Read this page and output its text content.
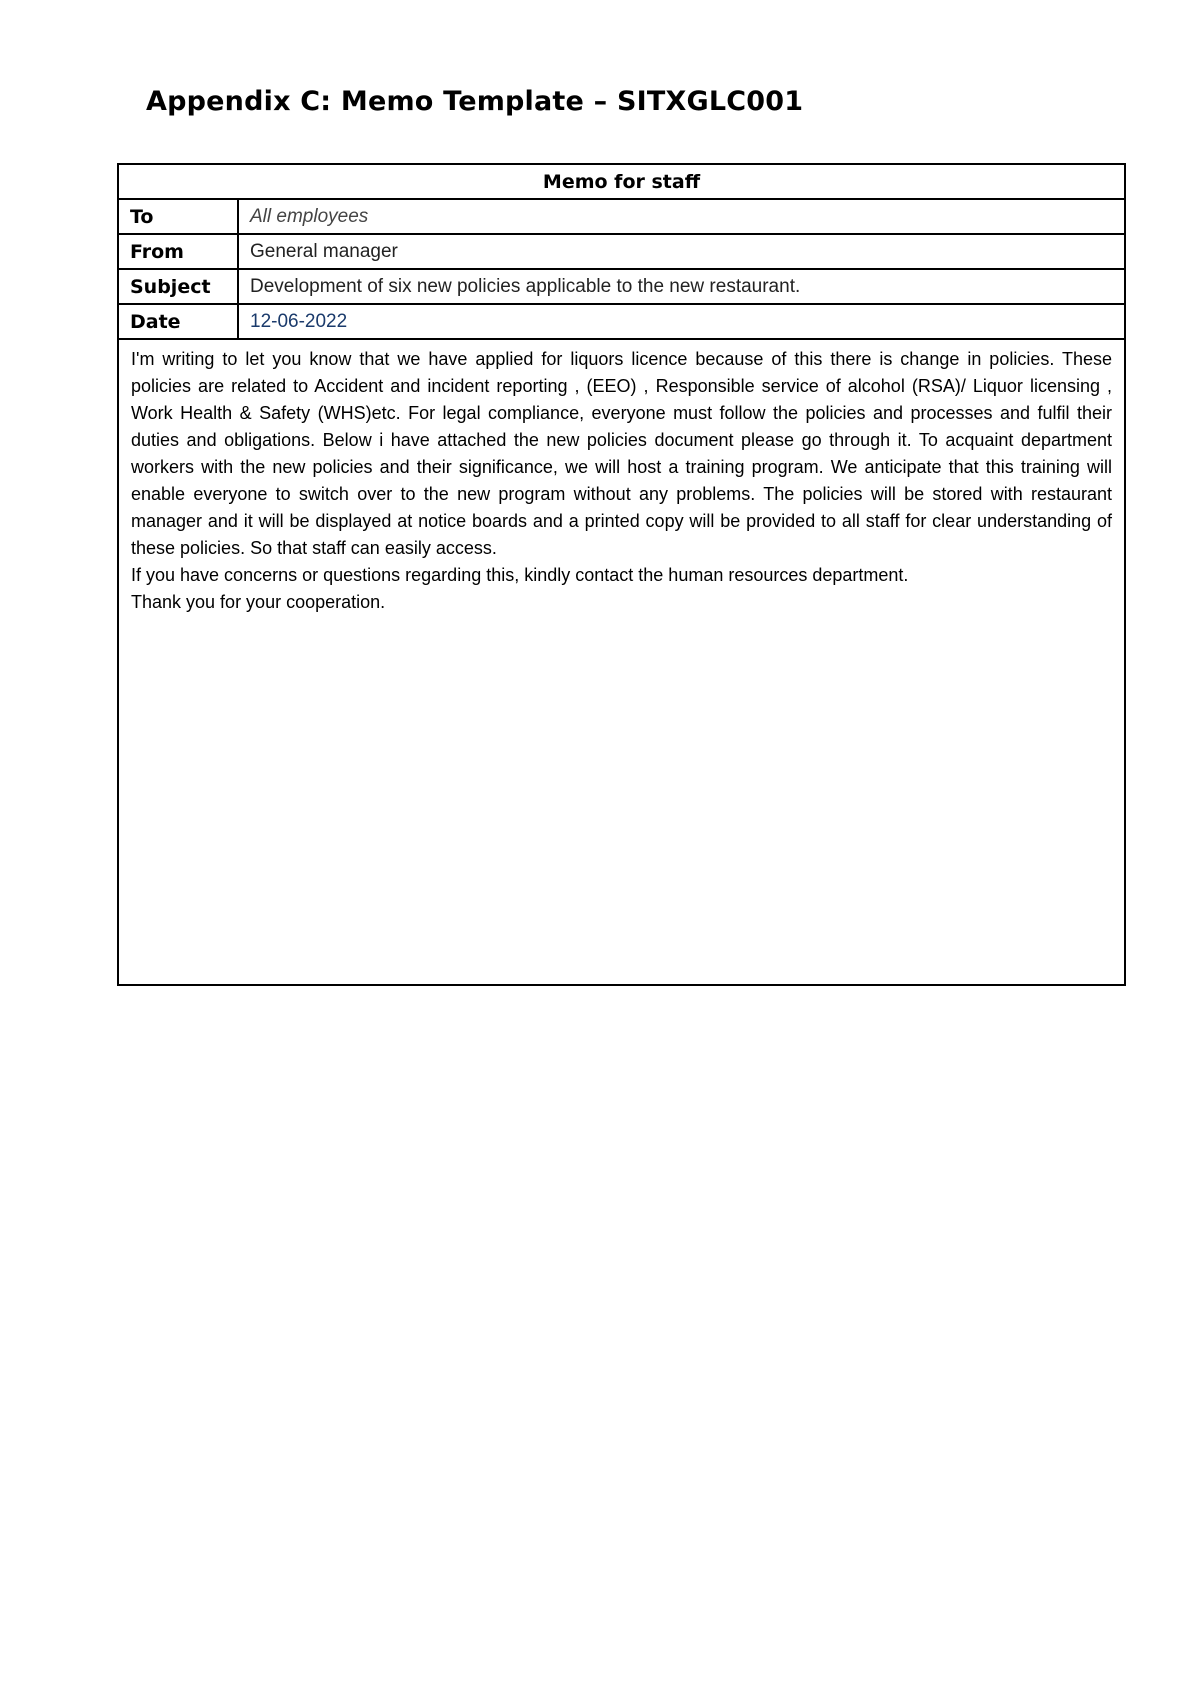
Appendix C: Memo Template – SITXGLC001
Memo for staff	
To	All employees
From	General manager
Subject	Development of six new policies applicable to the new restaurant.
Date	12-06-2022

I'm writing to let you know that we have applied for liquors licence because of this there is change in policies. These policies are related to Accident and incident reporting , (EEO) , Responsible service of alcohol (RSA)/ Liquor licensing , Work Health & Safety (WHS)etc. For legal compliance, everyone must follow the policies and processes and fulfil their duties and obligations. Below i have attached the new policies document please go through it. To acquaint department workers with the new policies and their significance, we will host a training program. We anticipate that this training will enable everyone to switch over to the new program without any problems. The policies will be stored with restaurant manager and it will be displayed at notice boards and a printed copy will be provided to all staff for clear understanding of these policies. So that staff can easily access.

If you have concerns or questions regarding this, kindly contact the human resources department.

Thank you for your cooperation.	
